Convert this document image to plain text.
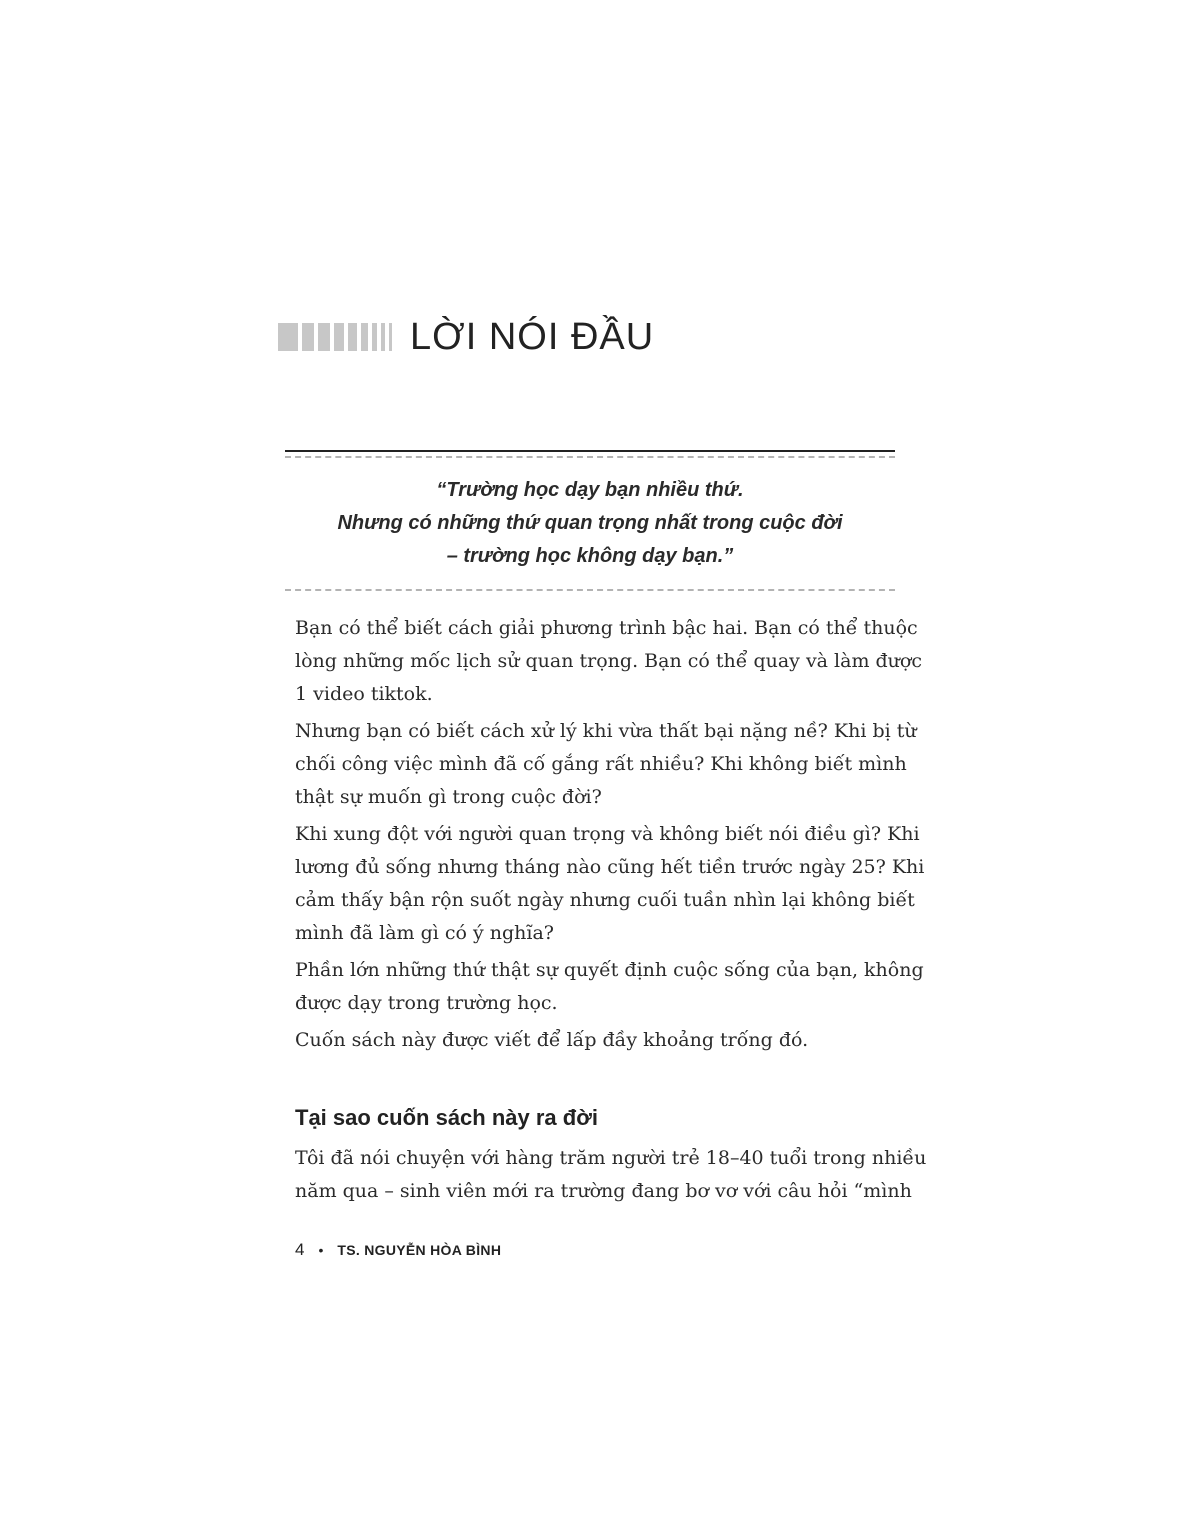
LỜI NÓI ĐẦU
“Trường học dạy bạn nhiều thứ.
Nhưng có những thứ quan trọng nhất trong cuộc đời
– trường học không dạy bạn.”

Bạn có thể biết cách giải phương trình bậc hai. Bạn có thể thuộc
lòng những mốc lịch sử quan trọng. Bạn có thể quay và làm được
1 video tiktok.

Nhưng bạn có biết cách xử lý khi vừa thất bại nặng nề? Khi bị từ
chối công việc mình đã cố gắng rất nhiều? Khi không biết mình
thật sự muốn gì trong cuộc đời?

Khi xung đột với người quan trọng và không biết nói điều gì? Khi
lương đủ sống nhưng tháng nào cũng hết tiền trước ngày 25? Khi
cảm thấy bận rộn suốt ngày nhưng cuối tuần nhìn lại không biết
mình đã làm gì có ý nghĩa?

Phần lớn những thứ thật sự quyết định cuộc sống của bạn, không
được dạy trong trường học.

Cuốn sách này được viết để lấp đầy khoảng trống đó.

Tại sao cuốn sách này ra đời
Tôi đã nói chuyện với hàng trăm người trẻ 18–40 tuổi trong nhiều
năm qua – sinh viên mới ra trường đang bơ vơ với câu hỏi “mình
4 • TS. NGUYỄN HÒA BÌNH
